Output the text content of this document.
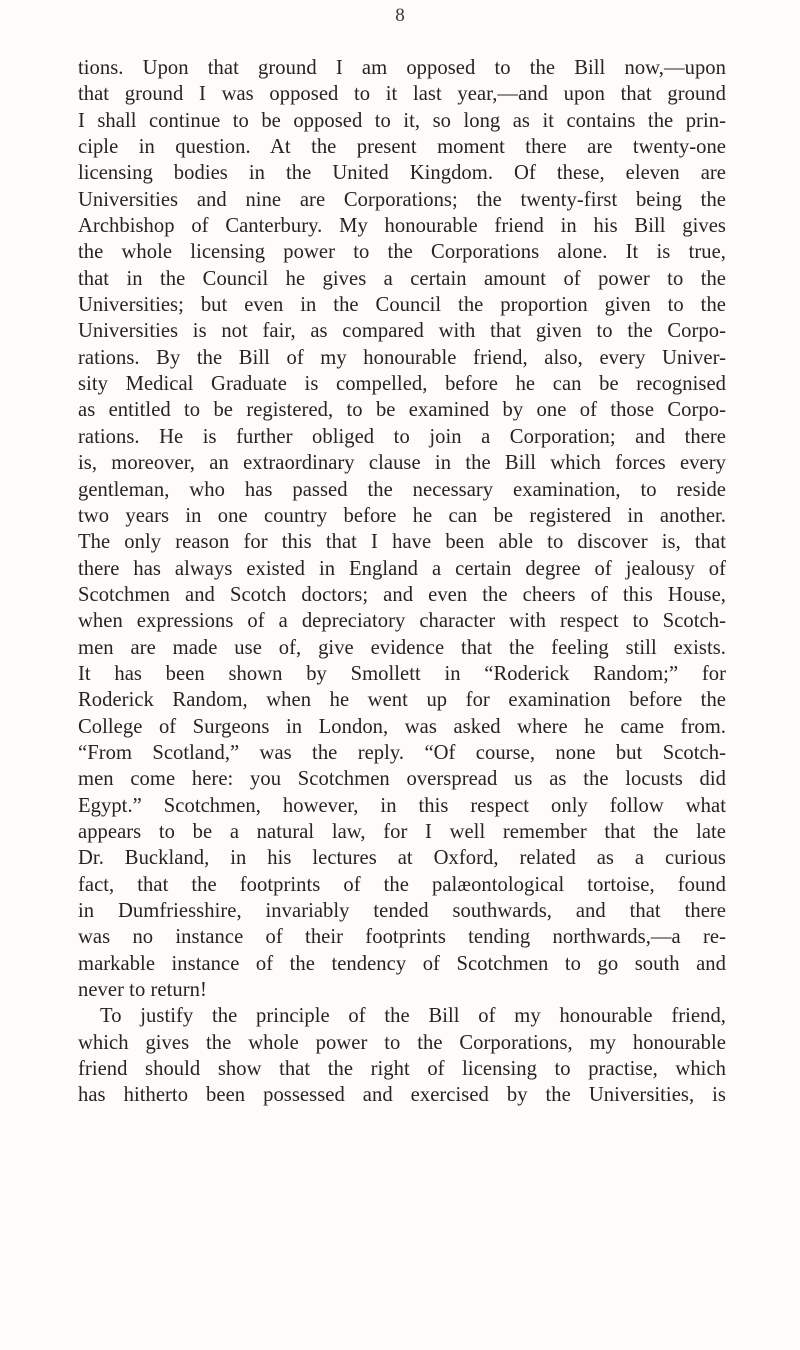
8
tions. Upon that ground I am opposed to the Bill now,—upon
that ground I was opposed to it last year,—and upon that ground
I shall continue to be opposed to it, so long as it contains the prin-
ciple in question. At the present moment there are twenty-one
licensing bodies in the United Kingdom. Of these, eleven are
Universities and nine are Corporations; the twenty-first being the
Archbishop of Canterbury. My honourable friend in his Bill gives
the whole licensing power to the Corporations alone. It is true,
that in the Council he gives a certain amount of power to the
Universities; but even in the Council the proportion given to the
Universities is not fair, as compared with that given to the Corpo-
rations. By the Bill of my honourable friend, also, every Univer-
sity Medical Graduate is compelled, before he can be recognised
as entitled to be registered, to be examined by one of those Corpo-
rations. He is further obliged to join a Corporation; and there
is, moreover, an extraordinary clause in the Bill which forces every
gentleman, who has passed the necessary examination, to reside
two years in one country before he can be registered in another.
The only reason for this that I have been able to discover is, that
there has always existed in England a certain degree of jealousy of
Scotchmen and Scotch doctors; and even the cheers of this House,
when expressions of a depreciatory character with respect to Scotch-
men are made use of, give evidence that the feeling still exists.
It has been shown by Smollett in “Roderick Random;” for
Roderick Random, when he went up for examination before the
College of Surgeons in London, was asked where he came from.
“From Scotland,” was the reply. “Of course, none but Scotch-
men come here: you Scotchmen overspread us as the locusts did
Egypt.” Scotchmen, however, in this respect only follow what
appears to be a natural law, for I well remember that the late
Dr. Buckland, in his lectures at Oxford, related as a curious
fact, that the footprints of the palæontological tortoise, found
in Dumfriesshire, invariably tended southwards, and that there
was no instance of their footprints tending northwards,—a re-
markable instance of the tendency of Scotchmen to go south and
never to return!
To justify the principle of the Bill of my honourable friend,
which gives the whole power to the Corporations, my honourable
friend should show that the right of licensing to practise, which
has hitherto been possessed and exercised by the Universities, is
